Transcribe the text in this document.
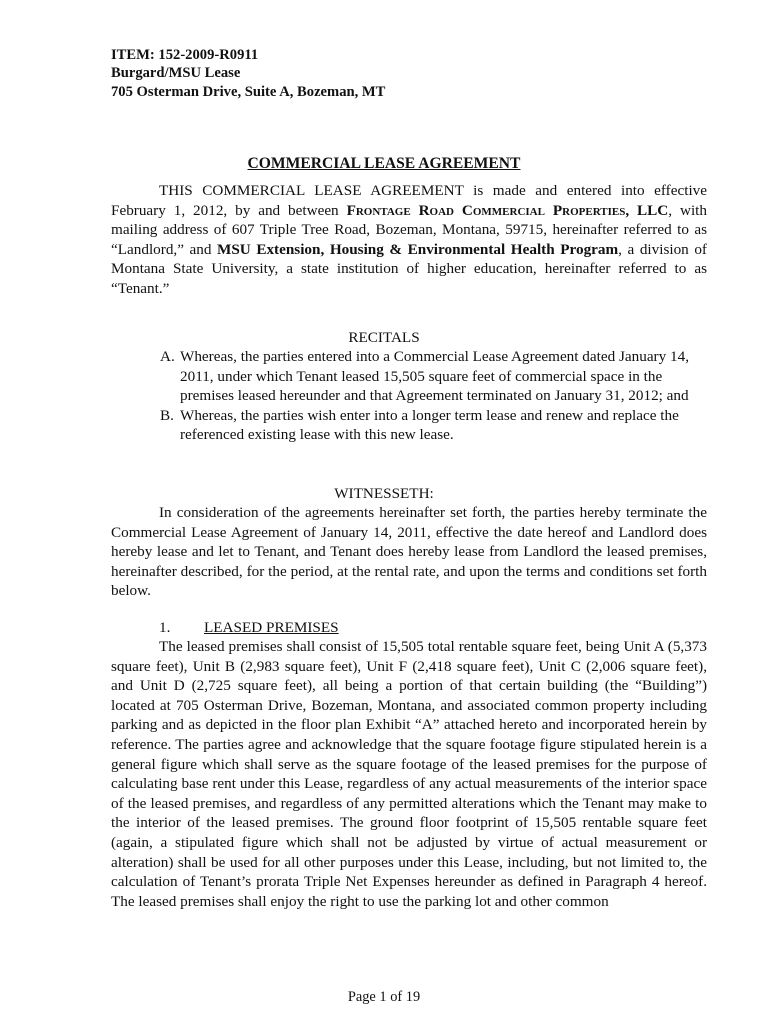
ITEM: 152-2009-R0911
Burgard/MSU Lease
705 Osterman Drive, Suite A, Bozeman, MT
COMMERCIAL LEASE AGREEMENT

THIS COMMERCIAL LEASE AGREEMENT is made and entered into effective February 1, 2012, by and between Frontage Road Commercial Properties, LLC, with mailing address of 607 Triple Tree Road, Bozeman, Montana, 59715, hereinafter referred to as “Landlord,” and MSU Extension, Housing & Environmental Health Program, a division of Montana State University, a state institution of higher education, hereinafter referred to as “Tenant.”

RECITALS
A. Whereas, the parties entered into a Commercial Lease Agreement dated January 14, 2011, under which Tenant leased 15,505 square feet of commercial space in the premises leased hereunder and that Agreement terminated on January 31, 2012; and
B. Whereas, the parties wish enter into a longer term lease and renew and replace the referenced existing lease with this new lease.
WITNESSETH:

In consideration of the agreements hereinafter set forth, the parties hereby terminate the Commercial Lease Agreement of January 14, 2011, effective the date hereof and Landlord does hereby lease and let to Tenant, and Tenant does hereby lease from Landlord the leased premises, hereinafter described, for the period, at the rental rate, and upon the terms and conditions set forth below.

1. LEASED PREMISES

The leased premises shall consist of 15,505 total rentable square feet, being Unit A (5,373 square feet), Unit B (2,983 square feet), Unit F (2,418 square feet), Unit C (2,006 square feet), and Unit D (2,725 square feet), all being a portion of that certain building (the “Building”) located at 705 Osterman Drive, Bozeman, Montana, and associated common property including parking and as depicted in the floor plan Exhibit “A” attached hereto and incorporated herein by reference. The parties agree and acknowledge that the square footage figure stipulated herein is a general figure which shall serve as the square footage of the leased premises for the purpose of calculating base rent under this Lease, regardless of any actual measurements of the interior space of the leased premises, and regardless of any permitted alterations which the Tenant may make to the interior of the leased premises. The ground floor footprint of 15,505 rentable square feet (again, a stipulated figure which shall not be adjusted by virtue of actual measurement or alteration) shall be used for all other purposes under this Lease, including, but not limited to, the calculation of Tenant’s prorata Triple Net Expenses hereunder as defined in Paragraph 4 hereof. The leased premises shall enjoy the right to use the parking lot and other common

Page 1 of 19
